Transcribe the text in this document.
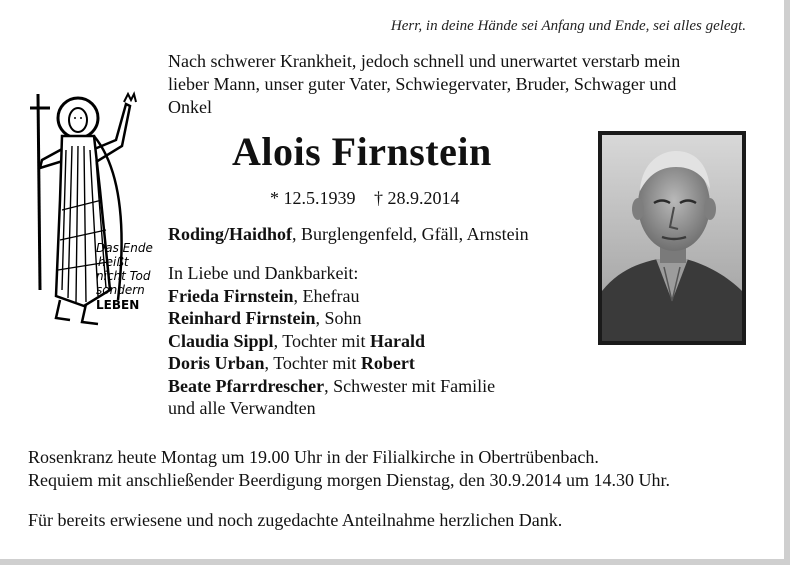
Herr, in deine Hände sei Anfang und Ende, sei alles gelegt.
Nach schwerer Krankheit, jedoch schnell und unerwartet verstarb mein
lieber Mann, unser guter Vater, Schwiegervater, Bruder, Schwager und
Onkel
Das Ende
heißt
nicht Tod
sondern
LEBEN
Alois Firnstein
* 12.5.1939 † 28.9.2014
Roding/Haidhof, Burglengenfeld, Gfäll, Arnstein
In Liebe und Dankbarkeit:
Frieda Firnstein, Ehefrau
Reinhard Firnstein, Sohn
Claudia Sippl, Tochter mit Harald
Doris Urban, Tochter mit Robert
Beate Pfarrdrescher, Schwester mit Familie
und alle Verwandten
Rosenkranz heute Montag um 19.00 Uhr in der Filialkirche in Obertrübenbach.
Requiem mit anschließender Beerdigung morgen Dienstag, den 30.9.2014 um 14.30 Uhr.
Für bereits erwiesene und noch zugedachte Anteilnahme herzlichen Dank.
